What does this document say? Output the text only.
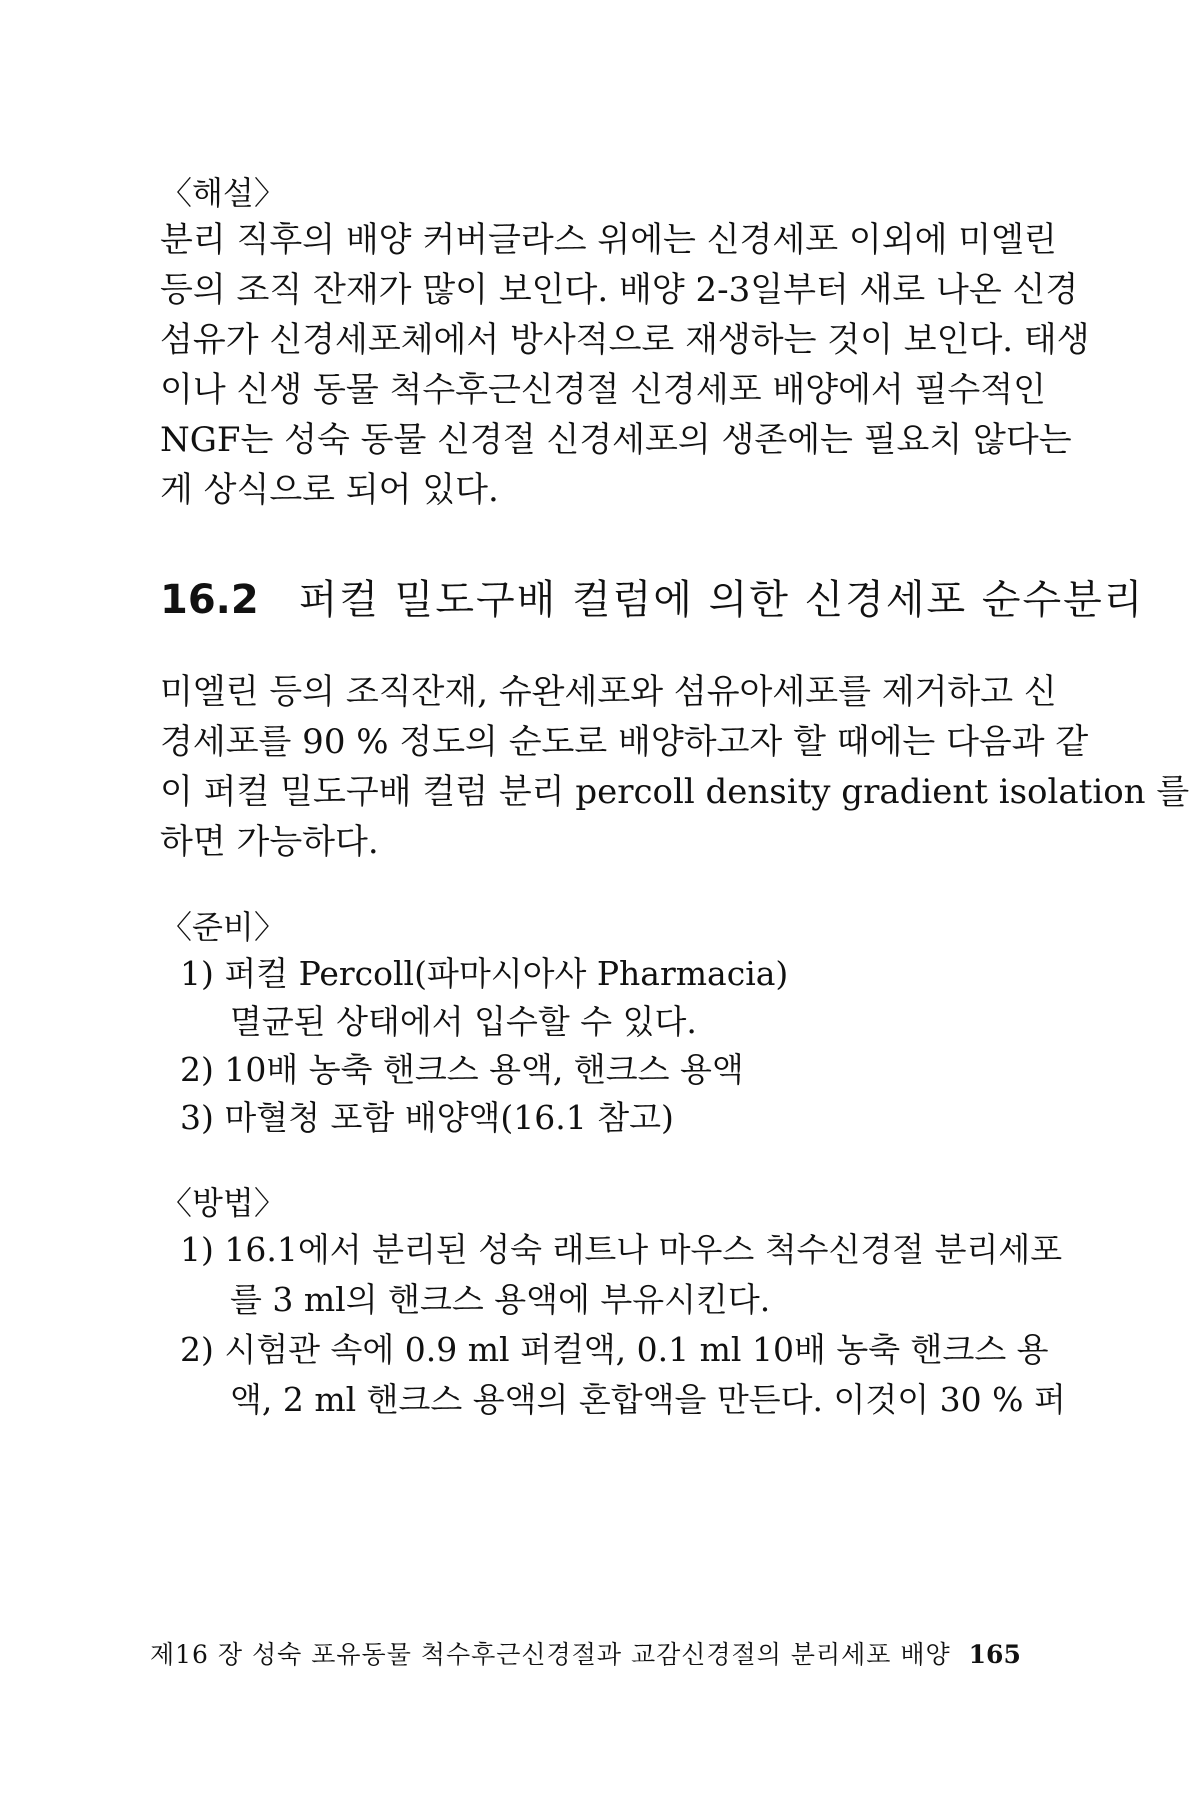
〈해설〉
분리 직후의 배양 커버글라스 위에는 신경세포 이외에 미엘린
등의 조직 잔재가 많이 보인다. 배양 2-3일부터 새로 나온 신경
섬유가 신경세포체에서 방사적으로 재생하는 것이 보인다. 태생
이나 신생 동물 척수후근신경절 신경세포 배양에서 필수적인
NGF는 성숙 동물 신경절 신경세포의 생존에는 필요치 않다는
게 상식으로 되어 있다.
16.2 퍼컬 밀도구배 컬럼에 의한 신경세포 순수분리
미엘린 등의 조직잔재, 슈완세포와 섬유아세포를 제거하고 신
경세포를 90 % 정도의 순도로 배양하고자 할 때에는 다음과 같
이 퍼컬 밀도구배 컬럼 분리 percoll density gradient isolation 를
하면 가능하다.
〈준비〉
1) 퍼컬 Percoll(파마시아사 Pharmacia)
멸균된 상태에서 입수할 수 있다.
2) 10배 농축 핸크스 용액, 핸크스 용액
3) 마혈청 포함 배양액(16.1 참고)
〈방법〉
1) 16.1에서 분리된 성숙 래트나 마우스 척수신경절 분리세포
를 3 ml의 핸크스 용액에 부유시킨다.
2) 시험관 속에 0.9 ml 퍼컬액, 0.1 ml 10배 농축 핸크스 용
액, 2 ml 핸크스 용액의 혼합액을 만든다. 이것이 30 % 퍼
제16 장 성숙 포유동물 척수후근신경절과 교감신경절의 분리세포 배양 165
